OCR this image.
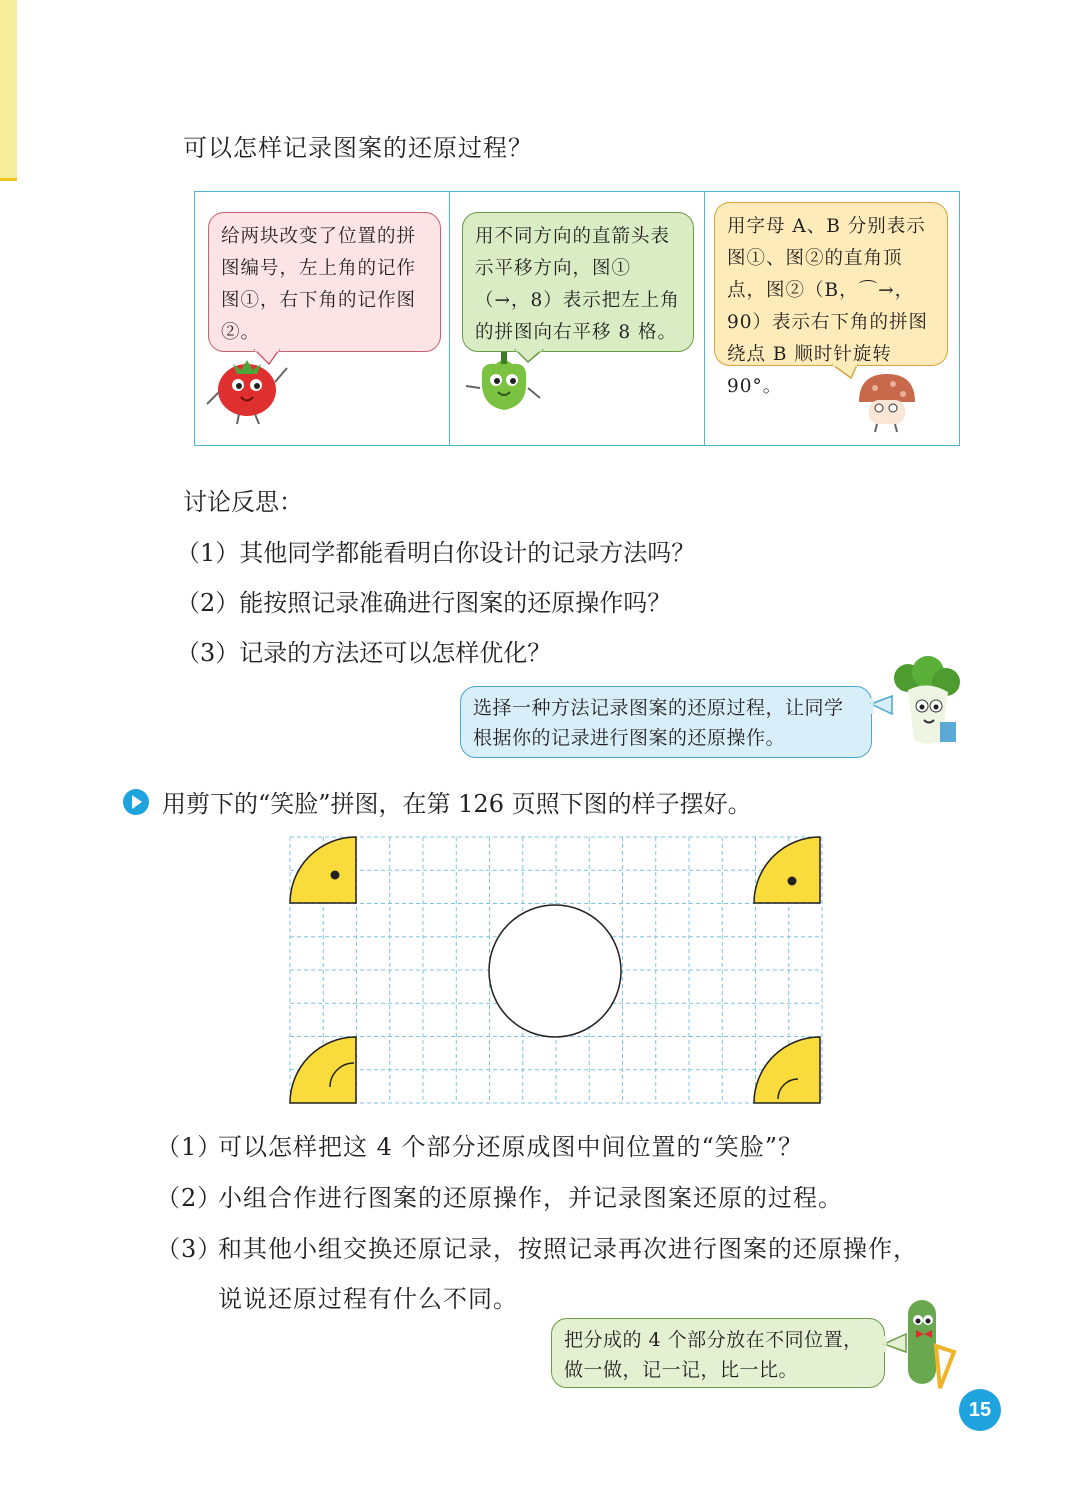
可以怎样记录图案的还原过程？
给两块改变了位置的拼图编号，左上角的记作图①，右下角的记作图②。
用不同方向的直箭头表示平移方向，图①（→，8）表示把左上角的拼图向右平移 8 格。
用字母 A、B 分别表示图①、图②的直角顶点，图②（B，⌒→，90）表示右下角的拼图绕点 B 顺时针旋转 90°。
讨论反思：
（1）其他同学都能看明白你设计的记录方法吗？
（2）能按照记录准确进行图案的还原操作吗？
（3）记录的方法还可以怎样优化？
选择一种方法记录图案的还原过程，让同学根据你的记录进行图案的还原操作。
用剪下的“笑脸”拼图，在第 126 页照下图的样子摆好。
（1）可以怎样把这 4 个部分还原成图中间位置的“笑脸”？
（2）小组合作进行图案的还原操作，并记录图案还原的过程。
（3）和其他小组交换还原记录，按照记录再次进行图案的还原操作，
说说还原过程有什么不同。
把分成的 4 个部分放在不同位置，做一做，记一记，比一比。
15
